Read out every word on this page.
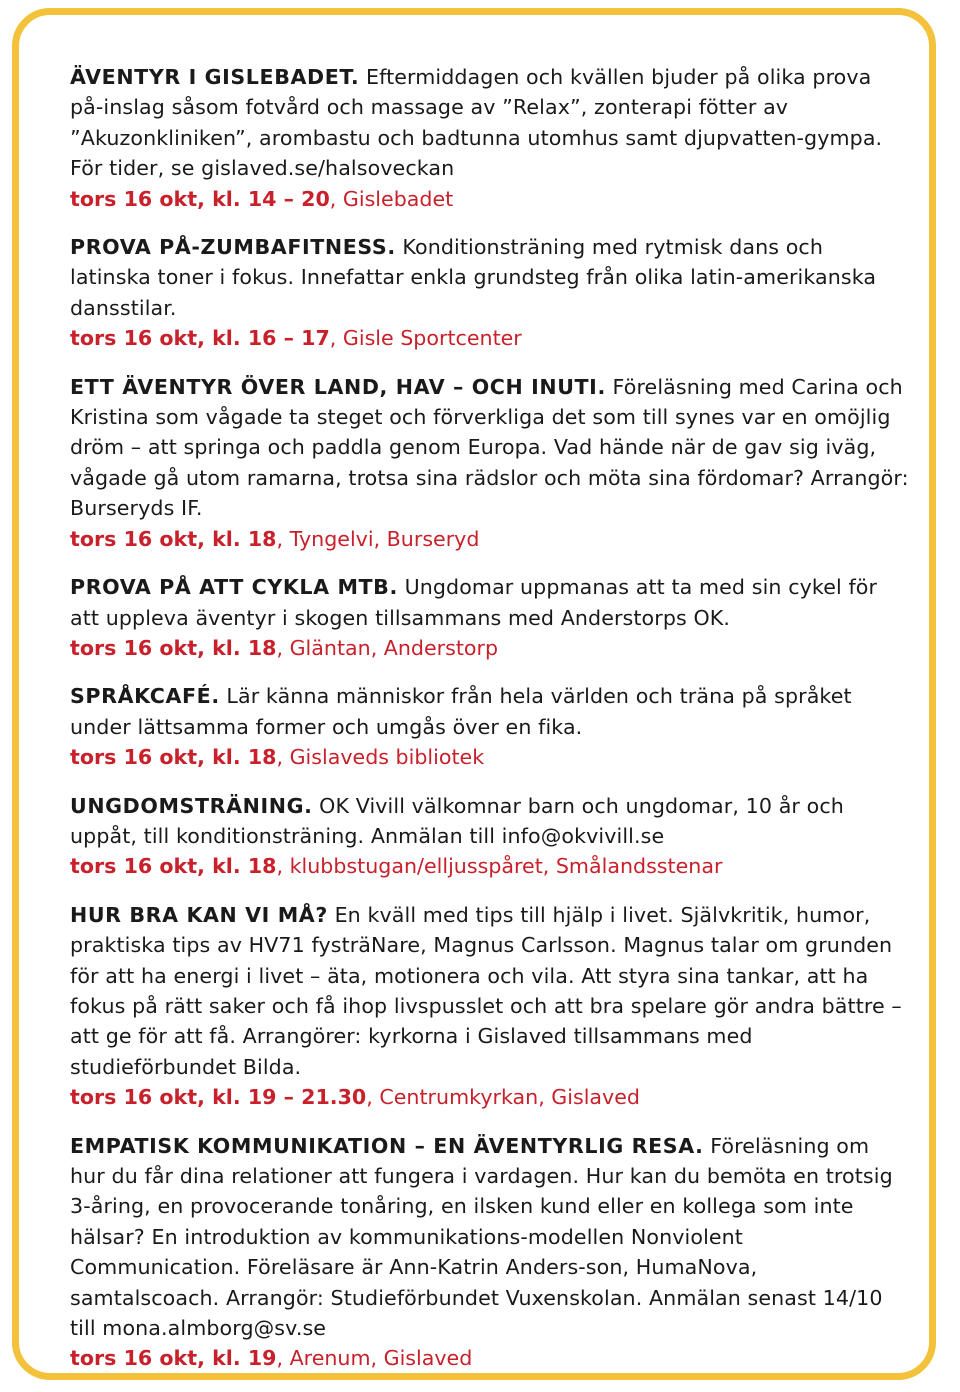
ÄVENTYR I GISLEBADET. Eftermiddagen och kvällen bjuder på olika prova på-inslag såsom fotvård och massage av ”Relax”, zonterapi fötter av ”Akuzonkliniken”, arombastu och badtunna utomhus samt djupvatten-gympa. För tider, se gislaved.se/halsoveckan

tors 16 okt, kl. 14 – 20, Gislebadet

PROVA PÅ-ZUMBAFITNESS. Konditionsträning med rytmisk dans och latinska toner i fokus. Innefattar enkla grundsteg från olika latin-amerikanska dansstilar.

tors 16 okt, kl. 16 – 17, Gisle Sportcenter

ETT ÄVENTYR ÖVER LAND, HAV – OCH INUTI. Föreläsning med Carina och Kristina som vågade ta steget och förverkliga det som till synes var en omöjlig dröm – att springa och paddla genom Europa. Vad hände när de gav sig iväg, vågade gå utom ramarna, trotsa sina rädslor och möta sina fördomar? Arrangör: Burseryds IF.

tors 16 okt, kl. 18, Tyngelvi, Burseryd

PROVA PÅ ATT CYKLA MTB. Ungdomar uppmanas att ta med sin cykel för att uppleva äventyr i skogen tillsammans med Anderstorps OK.

tors 16 okt, kl. 18, Gläntan, Anderstorp

SPRÅKCAFÉ. Lär känna människor från hela världen och träna på språket under lättsamma former och umgås över en fika.

tors 16 okt, kl. 18, Gislaveds bibliotek

UNGDOMSTRÄNING. OK Vivill välkomnar barn och ungdomar, 10 år och uppåt, till konditionsträning. Anmälan till info@okvivill.se

tors 16 okt, kl. 18, klubbstugan/elljusspåret, Smålandsstenar

HUR BRA KAN VI MÅ? En kväll med tips till hjälp i livet. Självkritik, humor, praktiska tips av HV71 fysträNare, Magnus Carlsson. Magnus talar om grunden för att ha energi i livet – äta, motionera och vila. Att styra sina tankar, att ha fokus på rätt saker och få ihop livspusslet och att bra spelare gör andra bättre – att ge för att få. Arrangörer: kyrkorna i Gislaved tillsammans med studieförbundet Bilda.

tors 16 okt, kl. 19 – 21.30, Centrumkyrkan, Gislaved

EMPATISK KOMMUNIKATION – EN ÄVENTYRLIG RESA. Föreläsning om hur du får dina relationer att fungera i vardagen. Hur kan du bemöta en trotsig 3-åring, en provocerande tonåring, en ilsken kund eller en kollega som inte hälsar? En introduktion av kommunikations-modellen Nonviolent Communication. Föreläsare är Ann-Katrin Anders-son, HumaNova, samtalscoach. Arrangör: Studieförbundet Vuxenskolan. Anmälan senast 14/10 till mona.almborg@sv.se

tors 16 okt, kl. 19, Arenum, Gislaved
